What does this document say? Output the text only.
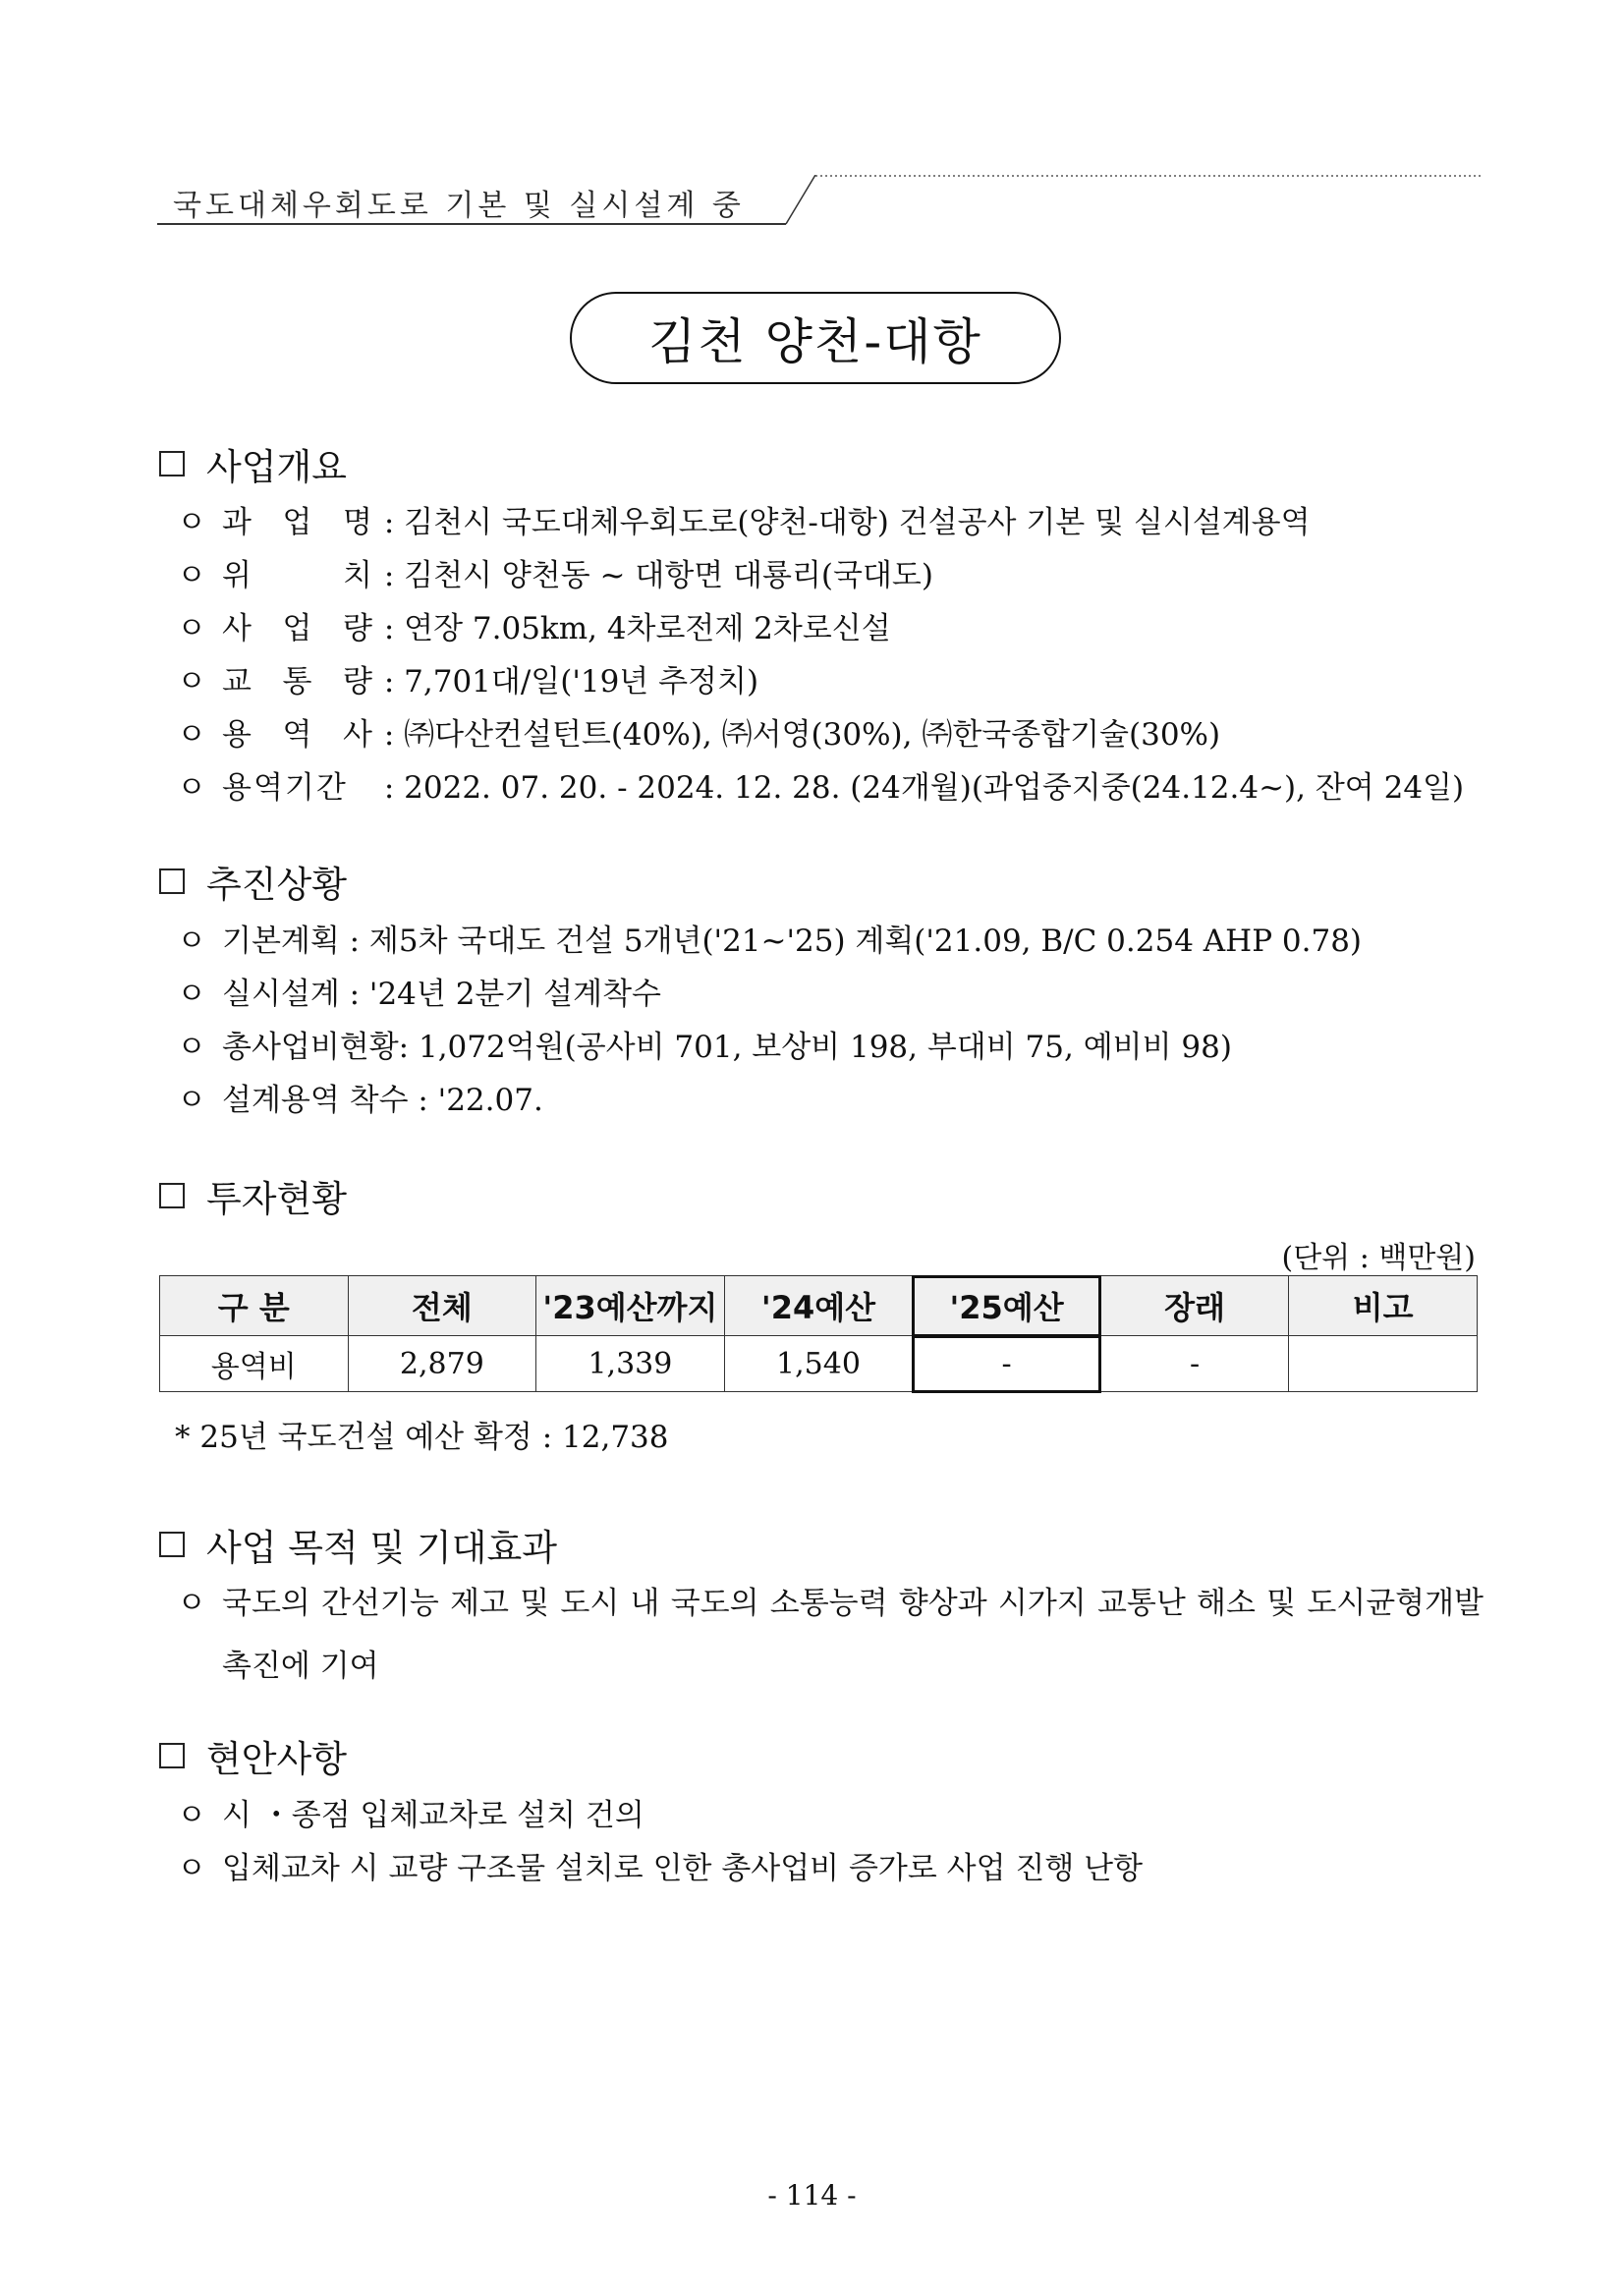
국도대체우회도로 기본 및 실시설계 중
김천 양천-대항
사업개요
ㅇ 과 업 명 : 김천시 국도대체우회도로(양천-대항) 건설공사 기본 및 실시설계용역
ㅇ 위 치 : 김천시 양천동 ~ 대항면 대룡리(국대도)
ㅇ 사 업 량 : 연장 7.05km, 4차로전제 2차로신설
ㅇ 교 통 량 : 7,701대/일('19년 추정치)
ㅇ 용 역 사 : ㈜다산컨설턴트(40%), ㈜서영(30%), ㈜한국종합기술(30%)
ㅇ 용역기간 : 2022. 07. 20. - 2024. 12. 28. (24개월)(과업중지중(24.12.4~), 잔여 24일)
추진상황
ㅇ 기본계획 : 제5차 국대도 건설 5개년('21~'25) 계획('21.09, B/C 0.254 AHP 0.78)
ㅇ 실시설계 : '24년 2분기 설계착수
ㅇ 총사업비현황: 1,072억원(공사비 701, 보상비 198, 부대비 75, 예비비 98)
ㅇ 설계용역 착수 : '22.07.
투자현황
(단위 : 백만원)
구 분	전체	'23예산까지	'24예산	'25예산	장래	비고
용역비	2,879	1,339	1,540	-	-	
* 25년 국도건설 예산 확정 : 12,738
사업 목적 및 기대효과
ㅇ 국도의 간선기능 제고 및 도시 내 국도의 소통능력 향상과 시가지 교통난 해소 및 도시균형개발 촉진에 기여
현안사항
ㅇ 시 ・종점 입체교차로 설치 건의
ㅇ 입체교차 시 교량 구조물 설치로 인한 총사업비 증가로 사업 진행 난항
- 114 -
